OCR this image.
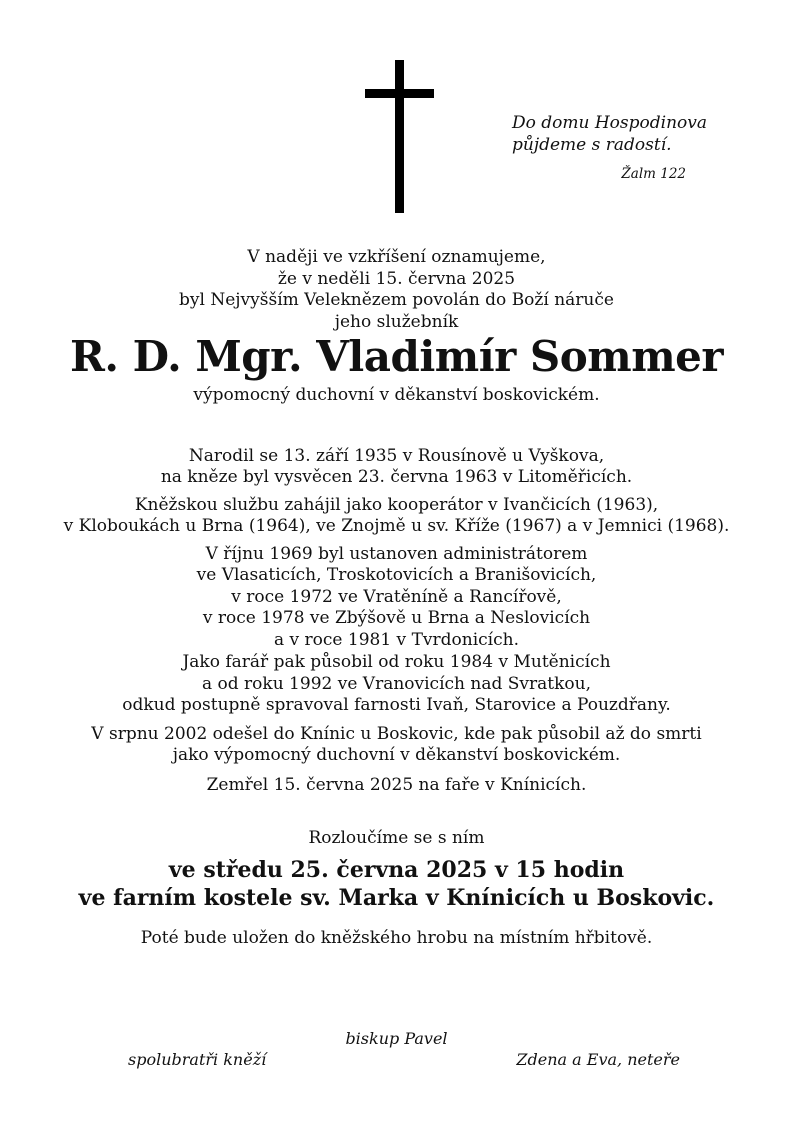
Do domu Hospodinova
půjdeme s radostí.
Žalm 122

V naději ve vzkříšení oznamujeme,
že v neděli 15. června 2025
byl Nejvyšším Veleknězem povolán do Boží náruče
jeho služebník

R. D. Mgr. Vladimír Sommer

výpomocný duchovní v děkanství boskovickém.

Narodil se 13. září 1935 v Rousínově u Vyškova,
na kněze byl vysvěcen 23. června 1963 v Litoměřicích.

Kněžskou službu zahájil jako kooperátor v Ivančicích (1963),
v Kloboukách u Brna (1964), ve Znojmě u sv. Kříže (1967) a v Jemnici (1968).

V říjnu 1969 byl ustanoven administrátorem
ve Vlasaticích, Troskotovicích a Branišovicích,
v roce 1972 ve Vratěníně a Rancířově,
v roce 1978 ve Zbýšově u Brna a Neslovicích
a v roce 1981 v Tvrdonicích.

Jako farář pak působil od roku 1984 v Mutěnicích
a od roku 1992 ve Vranovicích nad Svratkou,
odkud postupně spravoval farnosti Ivaň, Starovice a Pouzdřany.

V srpnu 2002 odešel do Knínic u Boskovic, kde pak působil až do smrti
jako výpomocný duchovní v děkanství boskovickém.

Zemřel 15. června 2025 na faře v Knínicích.

Rozloučíme se s ním

ve středu 25. června 2025 v 15 hodin
ve farním kostele sv. Marka v Knínicích u Boskovic.

Poté bude uložen do kněžského hrobu na místním hřbitově.

biskup Pavel
spolubratři kněží	Zdena a Eva, neteře
